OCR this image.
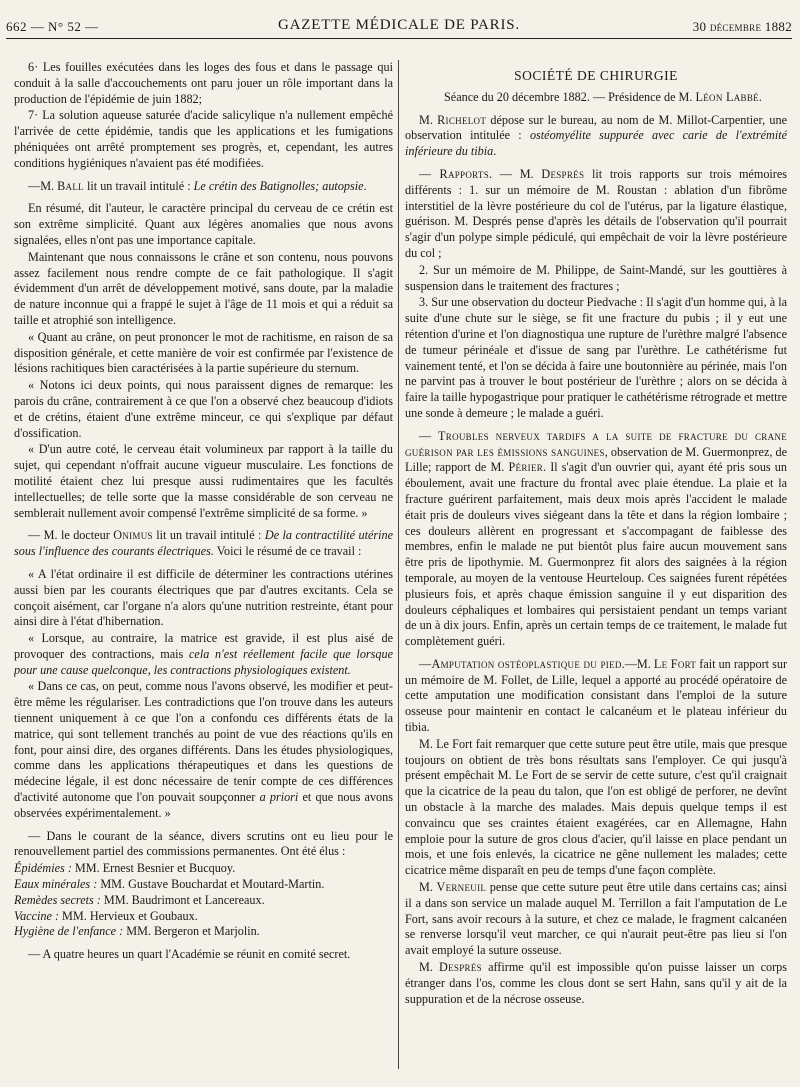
662 — N° 52 —	GAZETTE MÉDICALE DE PARIS.	30 décembre 1882

6· Les fouilles exécutées dans les loges des fous et dans le passage qui conduit à la salle d'accouchements ont paru jouer un rôle important dans la production de l'épidémie de juin 1882;

7· La solution aqueuse saturée d'acide salicylique n'a nullement empêché l'arrivée de cette épidémie, tandis que les applications et les fumigations phéniquées ont arrêté promptement ses progrès, et, cependant, les autres conditions hygiéniques n'avaient pas été modifiées.

—M. Ball lit un travail intitulé : Le crétin des Batignolles; autopsie.

En résumé, dit l'auteur, le caractère principal du cerveau de ce crétin est son extrême simplicité. Quant aux légères anomalies que nous avons signalées, elles n'ont pas une importance capitale.

Maintenant que nous connaissons le crâne et son contenu, nous pouvons assez facilement nous rendre compte de ce fait pathologique. Il s'agit évidemment d'un arrêt de développement motivé, sans doute, par la maladie de nature inconnue qui a frappé le sujet à l'âge de 11 mois et qui a réduit sa taille et atrophié son intelligence.

« Quant au crâne, on peut prononcer le mot de rachitisme, en raison de sa disposition générale, et cette manière de voir est confirmée par l'existence de lésions rachitiques bien caractérisées à la partie supérieure du sternum.

« Notons ici deux points, qui nous paraissent dignes de remarque: les parois du crâne, contrairement à ce que l'on a observé chez beaucoup d'idiots et de crétins, étaient d'une extrême minceur, ce qui s'explique par défaut d'ossification.

« D'un autre coté, le cerveau était volumineux par rapport à la taille du sujet, qui cependant n'offrait aucune vigueur musculaire. Les fonctions de motilité étaient chez lui presque aussi rudimentaires que les facultés intellectuelles; de telle sorte que la masse considérable de son cerveau ne semblerait nullement avoir compensé l'extrême simplicité de sa forme. »

— M. le docteur Onimus lit un travail intitulé : De la contractilité utérine sous l'influence des courants électriques. Voici le résumé de ce travail :

« A l'état ordinaire il est difficile de déterminer les contractions utérines aussi bien par les courants électriques que par d'autres excitants. Cela se conçoit aisément, car l'organe n'a alors qu'une nutrition restreinte, étant pour ainsi dire à l'état d'hibernation.

« Lorsque, au contraire, la matrice est gravide, il est plus aisé de provoquer des contractions, mais cela n'est réellement facile que lorsque pour une cause quelconque, les contractions physiologiques existent.

« Dans ce cas, on peut, comme nous l'avons observé, les modifier et peut-être même les régulariser. Les contradictions que l'on trouve dans les auteurs tiennent uniquement à ce que l'on a confondu ces différents états de la matrice, qui sont tellement tranchés au point de vue des réactions qu'ils en font, pour ainsi dire, des organes différents. Dans les études physiologiques, comme dans les applications thérapeutiques et dans les questions de médecine légale, il est donc nécessaire de tenir compte de ces différences d'activité autonome que l'on pouvait soupçonner a priori et que nous avons observées expérimentalement. »

— Dans le courant de la séance, divers scrutins ont eu lieu pour le renouvellement partiel des commissions permanentes. Ont été élus :

Épidémies : MM. Ernest Besnier et Bucquoy.

Eaux minérales : MM. Gustave Bouchardat et Moutard-Martin.

Remèdes secrets : MM. Baudrimont et Lancereaux.

Vaccine : MM. Hervieux et Goubaux.

Hygiène de l'enfance : MM. Bergeron et Marjolin.

— A quatre heures un quart l'Académie se réunit en comité secret.

SOCIÉTÉ DE CHIRURGIE

Séance du 20 décembre 1882. — Présidence de M. Léon Labbé.

M. Richelot dépose sur le bureau, au nom de M. Millot-Carpentier, une observation intitulée : ostéomyélite suppurée avec carie de l'extrémité inférieure du tibia.

— Rapports. — M. Després lit trois rapports sur trois mémoires différents : 1. sur un mémoire de M. Roustan : ablation d'un fibrôme interstitiel de la lèvre postérieure du col de l'utérus, par la ligature élastique, guérison. M. Després pense d'après les détails de l'observation qu'il pourrait s'agir d'un polype simple pédiculé, qui empêchait de voir la lèvre postérieure du col ;

2. Sur un mémoire de M. Philippe, de Saint-Mandé, sur les gouttières à suspension dans le traitement des fractures ;

3. Sur une observation du docteur Piedvache : Il s'agit d'un homme qui, à la suite d'une chute sur le siège, se fit une fracture du pubis ; il y eut une rétention d'urine et l'on diagnostiqua une rupture de l'urèthre malgré l'absence de tumeur périnéale et d'issue de sang par l'urèthre. Le cathétérisme fut vainement tenté, et l'on se décida à faire une boutonnière au périnée, mais l'on ne parvint pas à trouver le bout postérieur de l'urèthre ; alors on se décida à faire la taille hypogastrique pour pratiquer le cathétérisme rétrograde et mettre une sonde à demeure ; le malade a guéri.

— Troubles nerveux tardifs a la suite de fracture du crane guérison par les émissions sanguines, observation de M. Guermonprez, de Lille; rapport de M. Périer. Il s'agit d'un ouvrier qui, ayant été pris sous un éboulement, avait une fracture du frontal avec plaie étendue. La plaie et la fracture guérirent parfaitement, mais deux mois après l'accident le malade était pris de douleurs vives siégeant dans la tête et dans la région lombaire ; ces douleurs allèrent en progressant et s'accompagant de faiblesse des membres, enfin le malade ne put bientôt plus faire aucun mouvement sans être pris de lipothymie. M. Guermonprez fit alors des saignées à la région temporale, au moyen de la ventouse Heurteloup. Ces saignées furent répétées plusieurs fois, et après chaque émission sanguine il y eut disparition des douleurs céphaliques et lombaires qui persistaient pendant un temps variant de un à dix jours. Enfin, après un certain temps de ce traitement, le malade fut complètement guéri.

—Amputation ostéoplastique du pied.—M. Le Fort fait un rapport sur un mémoire de M. Follet, de Lille, lequel a apporté au procédé opératoire de cette amputation une modification consistant dans l'emploi de la suture osseuse pour maintenir en contact le calcanéum et le plateau inférieur du tibia.

M. Le Fort fait remarquer que cette suture peut être utile, mais que presque toujours on obtient de très bons résultats sans l'employer. Ce qui jusqu'à présent empêchait M. Le Fort de se servir de cette suture, c'est qu'il craignait que la cicatrice de la peau du talon, que l'on est obligé de perforer, ne devînt un obstacle à la marche des malades. Mais depuis quelque temps il est convaincu que ses craintes étaient exagérées, car en Allemagne, Hahn emploie pour la suture de gros clous d'acier, qu'il laisse en place pendant un mois, et une fois enlevés, la cicatrice ne gêne nullement les malades; cette cicatrice même disparaît en peu de temps d'une façon complète.

M. Verneuil pense que cette suture peut être utile dans certains cas; ainsi il a dans son service un malade auquel M. Terrillon a fait l'amputation de Le Fort, sans avoir recours à la suture, et chez ce malade, le fragment calcanéen se renverse lorsqu'il veut marcher, ce qui n'aurait peut-être pas lieu si l'on avait employé la suture osseuse.

M. Després affirme qu'il est impossible qu'on puisse laisser un corps étranger dans l'os, comme les clous dont se sert Hahn, sans qu'il y ait de la suppuration et de la nécrose osseuse.
